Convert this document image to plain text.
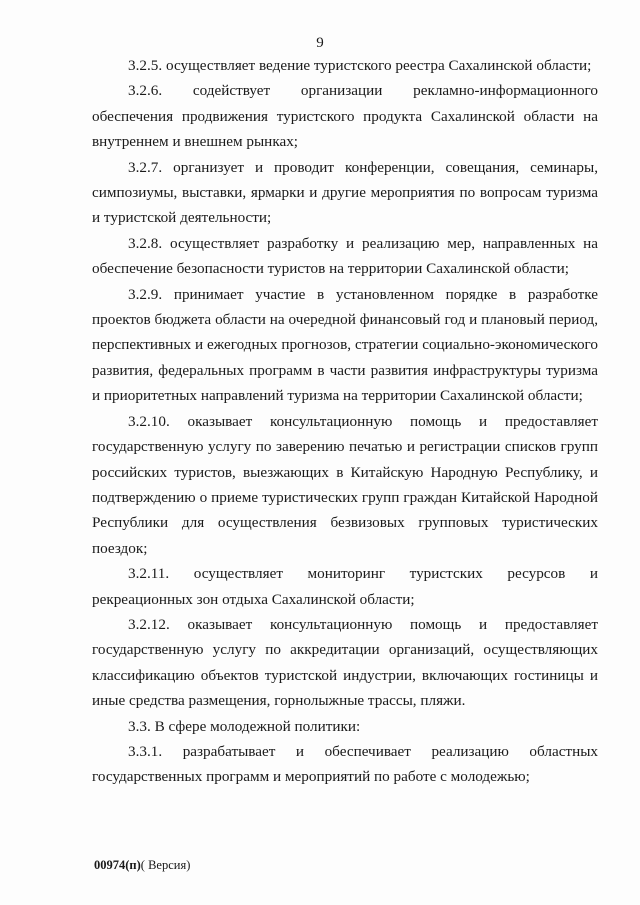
9

3.2.5. осуществляет ведение туристского реестра Сахалинской области;

3.2.6. содействует организации рекламно-информационного обеспечения продвижения туристского продукта Сахалинской области на внутреннем и внешнем рынках;

3.2.7. организует и проводит конференции, совещания, семинары, симпозиумы, выставки, ярмарки и другие мероприятия по вопросам туризма и туристской деятельности;

3.2.8. осуществляет разработку и реализацию мер, направленных на обеспечение безопасности туристов на территории Сахалинской области;

3.2.9. принимает участие в установленном порядке в разработке проектов бюджета области на очередной финансовый год и плановый период, перспективных и ежегодных прогнозов, стратегии социально-экономического развития, федеральных программ в части развития инфраструктуры туризма и приоритетных направлений туризма на территории Сахалинской области;

3.2.10. оказывает консультационную помощь и предоставляет государственную услугу по заверению печатью и регистрации списков групп российских туристов, выезжающих в Китайскую Народную Республику, и подтверждению о приеме туристических групп граждан Китайской Народной Республики для осуществления безвизовых групповых туристических поездок;

3.2.11. осуществляет мониторинг туристских ресурсов и рекреационных зон отдыха Сахалинской области;

3.2.12. оказывает консультационную помощь и предоставляет государственную услугу по аккредитации организаций, осуществляющих классификацию объектов туристской индустрии, включающих гостиницы и иные средства размещения, горнолыжные трассы, пляжи.

3.3. В сфере молодежной политики:

3.3.1. разрабатывает и обеспечивает реализацию областных государственных программ и мероприятий по работе с молодежью;

00974(п)( Версия)
